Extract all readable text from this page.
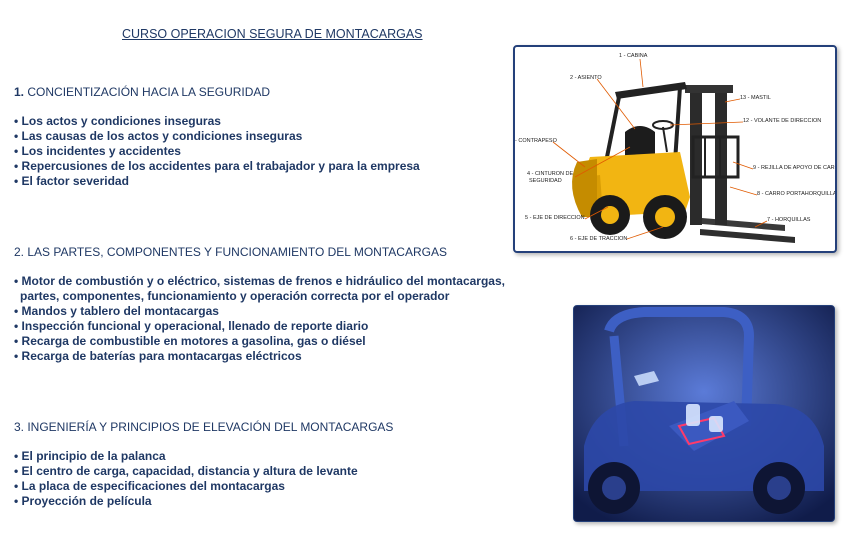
CURSO OPERACION SEGURA DE MONTACARGAS
1. CONCIENTIZACIÓN HACIA LA SEGURIDAD
• Los actos y condiciones inseguras
• Las causas de los actos y condiciones inseguras
• Los incidentes y accidentes
• Repercusiones de los accidentes para el trabajador y para la empresa
• El factor severidad
2. LAS PARTES, COMPONENTES Y FUNCIONAMIENTO DEL MONTACARGAS
• Motor de combustión y o eléctrico, sistemas de frenos e hidráulico del montacargas,
partes, componentes, funcionamiento y operación correcta por el operador
• Mandos y tablero del montacargas
• Inspección funcional y operacional, llenado de reporte diario
• Recarga de combustible en motores a gasolina, gas o diésel
• Recarga de baterías para montacargas eléctricos
3. INGENIERÍA Y PRINCIPIOS DE ELEVACIÓN DEL MONTACARGAS
• El principio de la palanca
• El centro de carga, capacidad, distancia y altura de levante
• La placa de especificaciones del montacargas
• Proyección de película
1 - CABINA
2 - ASIENTO
13 - MASTIL
12 - VOLANTE DE DIRECCION
- CONTRAPESO
9 - REJILLA DE APOYO DE CARGA
4 - CINTURON DE
SEGURIDAD
8 - CARRO PORTAHORQUILLA
5 - EJE DE DIRECCION	7 - HORQUILLAS
6 - EJE DE TRACCION
